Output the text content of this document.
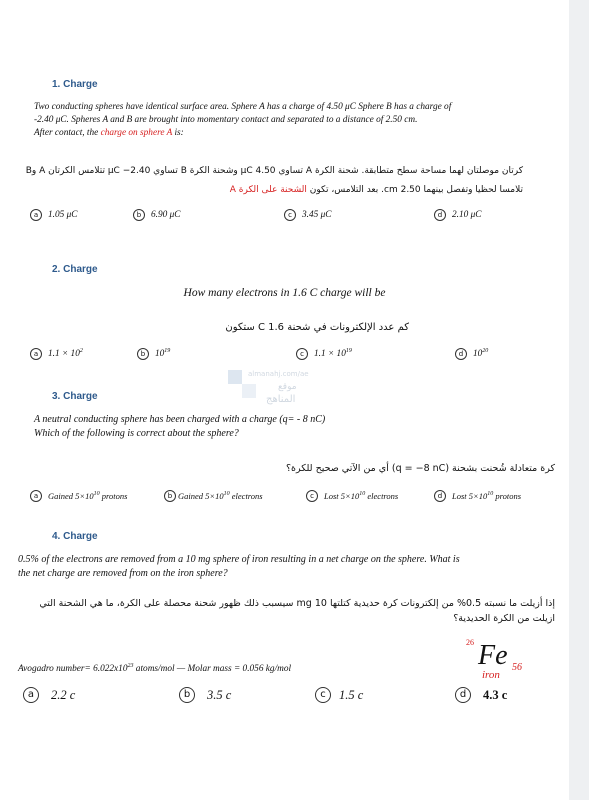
1. Charge
Two conducting spheres have identical surface area. Sphere A has a charge of 4.50 μC Sphere B has a charge of
-2.40 μC. Spheres A and B are brought into momentary contact and separated to a distance of 2.50 cm.
After contact, the charge on sphere A is:
كرتان موصلتان لهما مساحة سطح متطابقة. شحنة الكرة A تساوي 4.50 μC وشحنة الكرة B تساوي 2.40− μC تتلامس الكرتان A وB
تلامسا لحظيا وتفصل بينهما 2.50 cm. بعد التلامس، تكون الشحنة على الكرة A
a	1.05 μC	b	6.90 μC	c	3.45 μC	d	2.10 μC
2. Charge
How many electrons in 1.6 C charge will be
كم عدد الإلكترونات في شحنة 1.6 C ستكون
a	$1.1 \times 10^2$	b	$10^{19}$	c	$1.1 \times 10^{19}$	d	$10^{20}$
almanahj.com/ae
موقع
المناهج
3. Charge
A neutral conducting sphere has been charged with a charge (q= - 8 nC)
Which of the following is correct about the sphere?
كرة متعادلة شُحنت بشحنة (q = −8 nC) أي من الآتي صحيح للكرة؟
a	Gained $5\times 10^{10}$ protons	b Gained $5\times 10^{10}$ electrons	c	Lost $5\times 10^{10}$ electrons	d	Lost $5\times 10^{10}$ protons
4. Charge
0.5% of the electrons are removed from a 10 mg sphere of iron resulting in a net charge on the sphere. What is
the net charge are removed from on the iron sphere?
إذا أزيلت ما نسبته 0.5% من إلكترونات كرة حديدية كتلتها 10 mg سيسبب ذلك ظهور شحنة محصلة على الكرة، ما هي الشحنة التي
ازيلت من الكرة الحديدية؟
Avogadro number= $6.022x10^{23}$ atoms/mol — Molar mass = 0.056 kg/mol
26 Fe 56
iron
a	2.2 c	b	3.5 c	c	1.5 c	d	4.3 c
